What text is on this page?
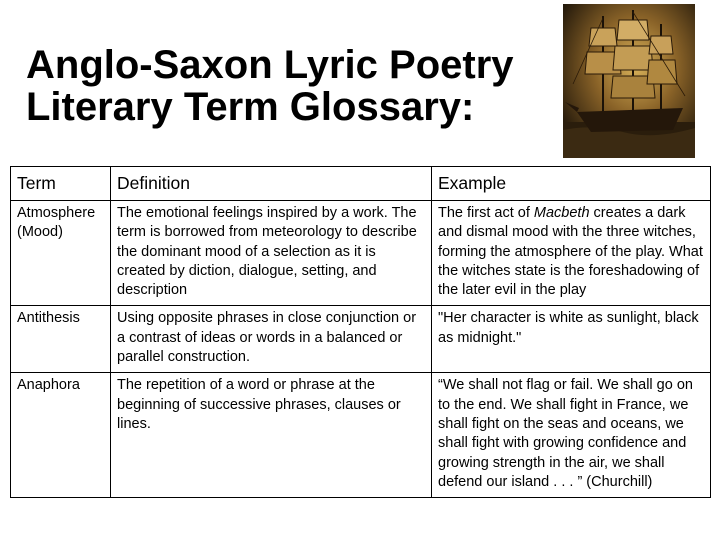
Anglo-Saxon Lyric Poetry
Literary Term Glossary:
Term	Definition	Example
Atmosphere (Mood)	The emotional feelings inspired by a work. The term is borrowed from meteorology to describe the dominant mood of a selection as it is created by diction, dialogue, setting, and description	The first act of Macbeth creates a dark and dismal mood with the three witches, forming the atmosphere of the play. What the witches state is the foreshadowing of the later evil in the play
Antithesis	Using opposite phrases in close conjunction or a contrast of ideas or words in a balanced or parallel construction.	"Her character is white as sunlight, black as midnight."
Anaphora	The repetition of a word or phrase at the beginning of successive phrases, clauses or lines.	“We shall not flag or fail. We shall go on to the end. We shall fight in France, we shall fight on the seas and oceans, we shall fight with growing confidence and growing strength in the air, we shall defend our island . . . ” (Churchill)
